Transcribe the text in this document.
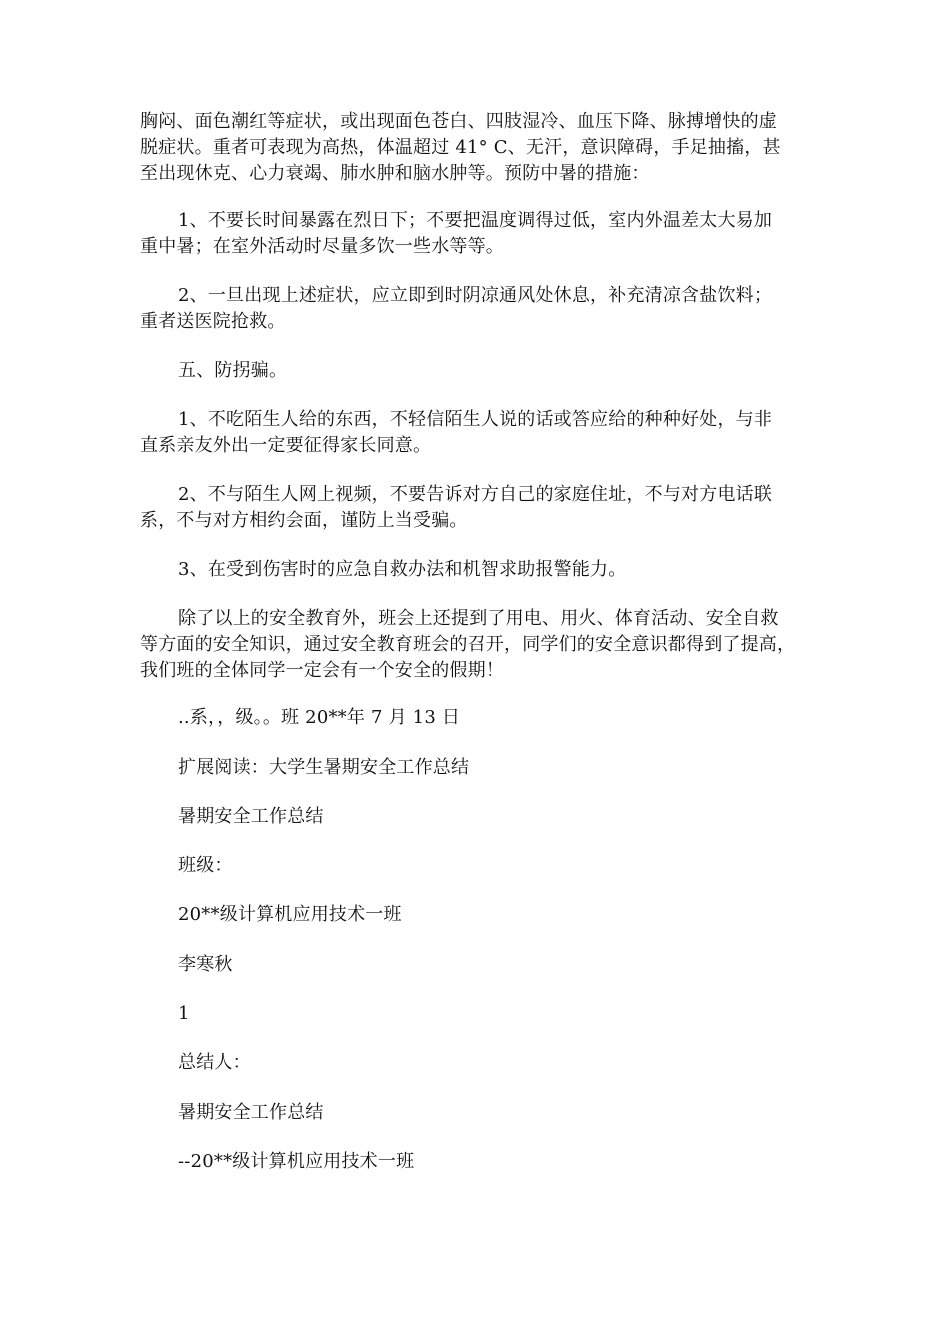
胸闷、面色潮红等症状，或出现面色苍白、四肢湿冷、血压下降、脉搏增快的虚
脱症状。重者可表现为高热，体温超过 41° C、无汗，意识障碍，手足抽搐，甚
至出现休克、心力衰竭、肺水肿和脑水肿等。预防中暑的措施：

1、不要长时间暴露在烈日下；不要把温度调得过低，室内外温差太大易加
重中暑；在室外活动时尽量多饮一些水等等。

2、一旦出现上述症状，应立即到时阴凉通风处休息，补充清凉含盐饮料；
重者送医院抢救。

五、防拐骗。

1、不吃陌生人给的东西，不轻信陌生人说的话或答应给的种种好处，与非
直系亲友外出一定要征得家长同意。

2、不与陌生人网上视频，不要告诉对方自己的家庭住址，不与对方电话联
系，不与对方相约会面，谨防上当受骗。

3、在受到伤害时的应急自救办法和机智求助报警能力。

除了以上的安全教育外，班会上还提到了用电、用火、体育活动、安全自救
等方面的安全知识，通过安全教育班会的召开，同学们的安全意识都得到了提高，
我们班的全体同学一定会有一个安全的假期！

..系，，级。。班 20**年 7 月 13 日

扩展阅读：大学生暑期安全工作总结

暑期安全工作总结

班级：

20**级计算机应用技术一班

李寒秋

1

总结人：

暑期安全工作总结

--20**级计算机应用技术一班
